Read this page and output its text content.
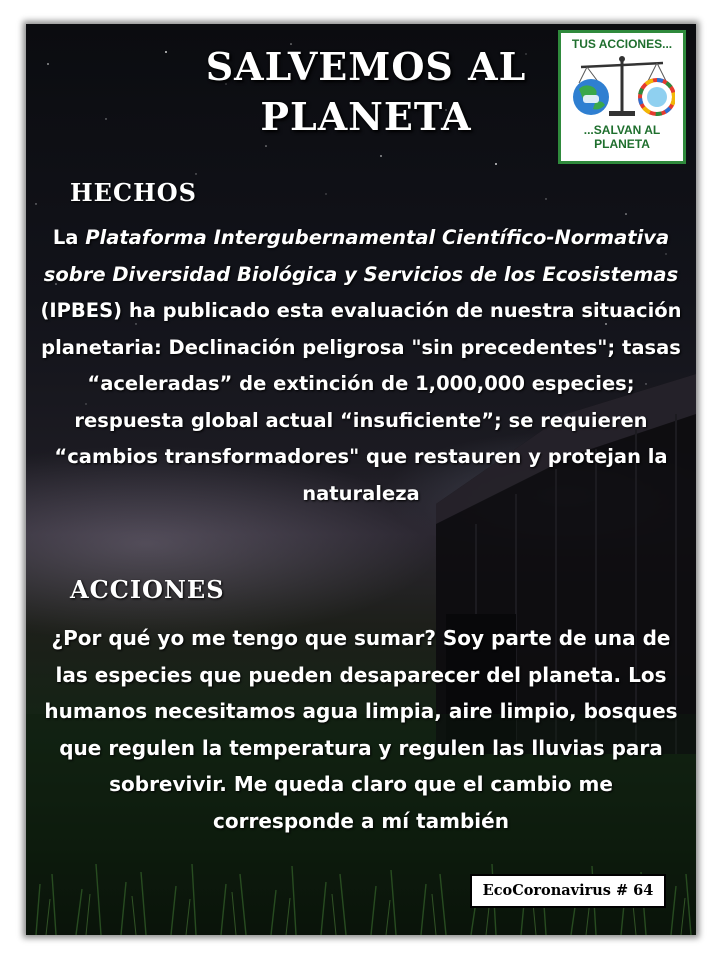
SALVEMOS AL
PLANETA
TUS ACCIONES...
...SALVAN AL
PLANETA
HECHOS
La Plataforma Intergubernamental Científico-Normativa sobre Diversidad Biológica y Servicios de los Ecosistemas (IPBES) ha publicado esta evaluación de nuestra situación planetaria: Declinación peligrosa "sin precedentes"; tasas “aceleradas” de extinción de 1,000,000 especies; respuesta global actual “insuficiente”; se requieren “cambios transformadores" que restauren y protejan la naturaleza
ACCIONES
¿Por qué yo me tengo que sumar? Soy parte de una de las especies que pueden desaparecer del planeta. Los humanos necesitamos agua limpia, aire limpio, bosques que regulen la temperatura y regulen las lluvias para sobrevivir. Me queda claro que el cambio me corresponde a mí también
EcoCoronavirus # 64
